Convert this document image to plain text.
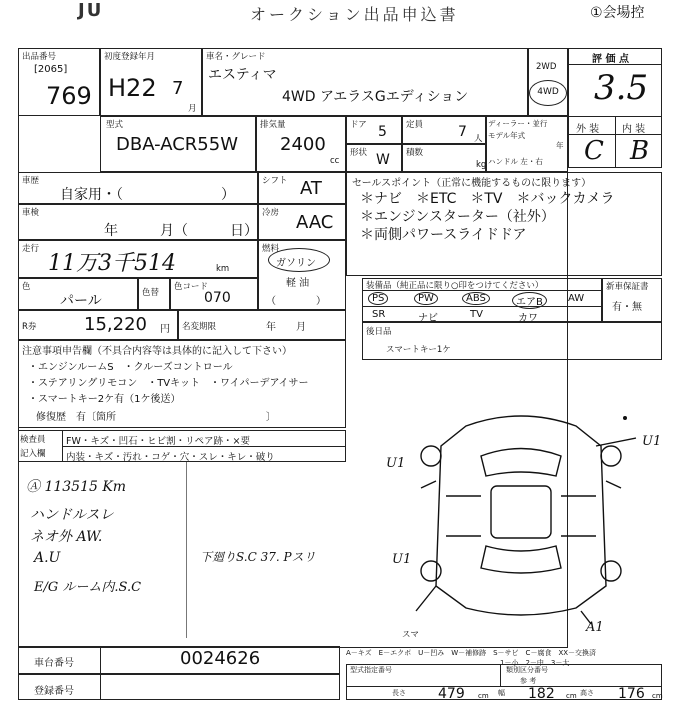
JU	オークション出品申込書	①会場控
出品番号
[2065]
769
初度登録年月
H22 7
月
車名・グレード
エスティマ
4WD アエラスGエディション
2WD
4WD
評 価 点
3.5
外 装 内 装
C B
型式
DBA-ACR55W
排気量
2400
cc
ドア 5 定員 7 人
ディーラー・並行
モデル年式
年
ハンドル 左・右
形状 W 積数
kg
車歴
自家用・（　　　　　　　）
シフト AT
車検
年　　　月（　　　日）
冷房 AAC
走行
11万3千514	km
燃料
ガソリン
軽 油
（　　　　）
色
パール	色替
色コード
070
R券	15,220 円 名変期限	年　　月
注意事項申告欄（不具合内容等は具体的に記入して下さい）
・エンジンルームS　・クルーズコントロール
・ステアリングリモコン　・TVキット　・ワイパーデアイサー
・スマートキー2ケ有（1ケ後送）
修復歴　有〔箇所　　　　　　　　　　　　　　　〕
検査員
記入欄
FW・キズ・凹石・ヒビ割・リペア跡・×要
内装・キズ・汚れ・コゲ・穴・スレ・キレ・破り
Ⓐ 113515 Km
ハンドルスレ
ネオ外 AW.
A.U
E/G ルーム内.S.C
セールスポイント（正常に機能するものに限ります）
＊ナビ　＊ETC　＊TV　＊バックカメラ
＊エンジンスターター（社外）
＊両側パワースライドドア
装備品（純正品に限り○印をつけてください）
PS	PW	ABS	エアB	AW
SR	ナビ	TV	カワ
新車保証書
有・無
後日品
スマートキー1ケ
U1
U1
U1
A1
スマ
下廻りS.C 37. Pスリ
A－キズ　E－エクボ　U－凹み　W－補修跡　S－サビ　C－腐食　XX－交換済
1－小　2－中　3－大
車台番号	0024626
登録番号
型式指定番号	類別区分番号
参 考
長さ 479 cm 幅 182 cm 高さ 176 cm
